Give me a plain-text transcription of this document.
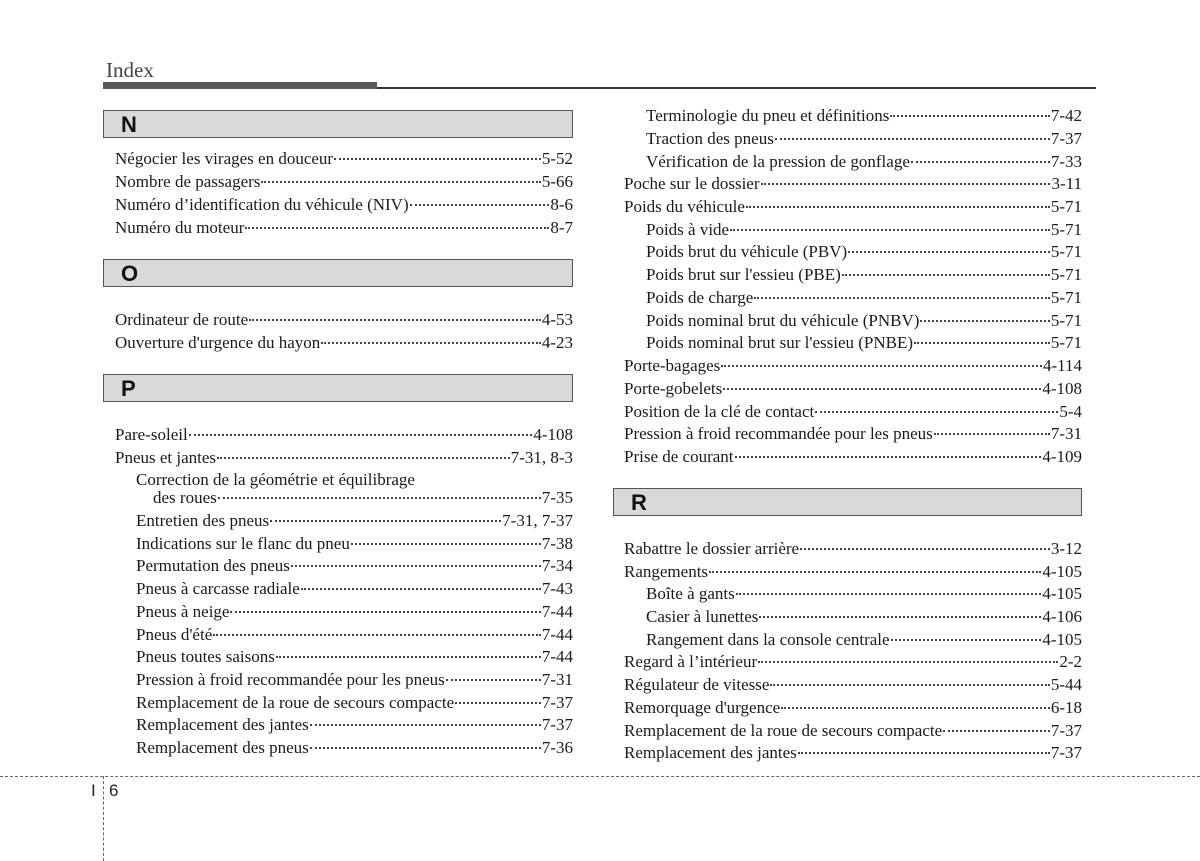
Index
N
Négocier les virages en douceur	5-52
Nombre de passagers	5-66
Numéro d’identification du véhicule (NIV)	8-6
Numéro du moteur	8-7
O
Ordinateur de route	4-53
Ouverture d'urgence du hayon	4-23
P
Pare-soleil	4-108
Pneus et jantes	7-31, 8-3
Correction de la géométrie et équilibrage
des roues	7-35
Entretien des pneus	7-31, 7-37
Indications sur le flanc du pneu	7-38
Permutation des pneus	7-34
Pneus à carcasse radiale	7-43
Pneus à neige	7-44
Pneus d'été	7-44
Pneus toutes saisons	7-44
Pression à froid recommandée pour les pneus	7-31
Remplacement de la roue de secours compacte	7-37
Remplacement des jantes	7-37
Remplacement des pneus	7-36
Terminologie du pneu et définitions	7-42
Traction des pneus	7-37
Vérification de la pression de gonflage	7-33
Poche sur le dossier	3-11
Poids du véhicule	5-71
Poids à vide	5-71
Poids brut du véhicule (PBV)	5-71
Poids brut sur l'essieu (PBE)	5-71
Poids de charge	5-71
Poids nominal brut du véhicule (PNBV)	5-71
Poids nominal brut sur l'essieu (PNBE)	5-71
Porte-bagages	4-114
Porte-gobelets	4-108
Position de la clé de contact	5-4
Pression à froid recommandée pour les pneus	7-31
Prise de courant	4-109
R
Rabattre le dossier arrière	3-12
Rangements	4-105
Boîte à gants	4-105
Casier à lunettes	4-106
Rangement dans la console centrale	4-105
Regard à l’intérieur	2-2
Régulateur de vitesse	5-44
Remorquage d'urgence	6-18
Remplacement de la roue de secours compacte	7-37
Remplacement des jantes	7-37
I 6
